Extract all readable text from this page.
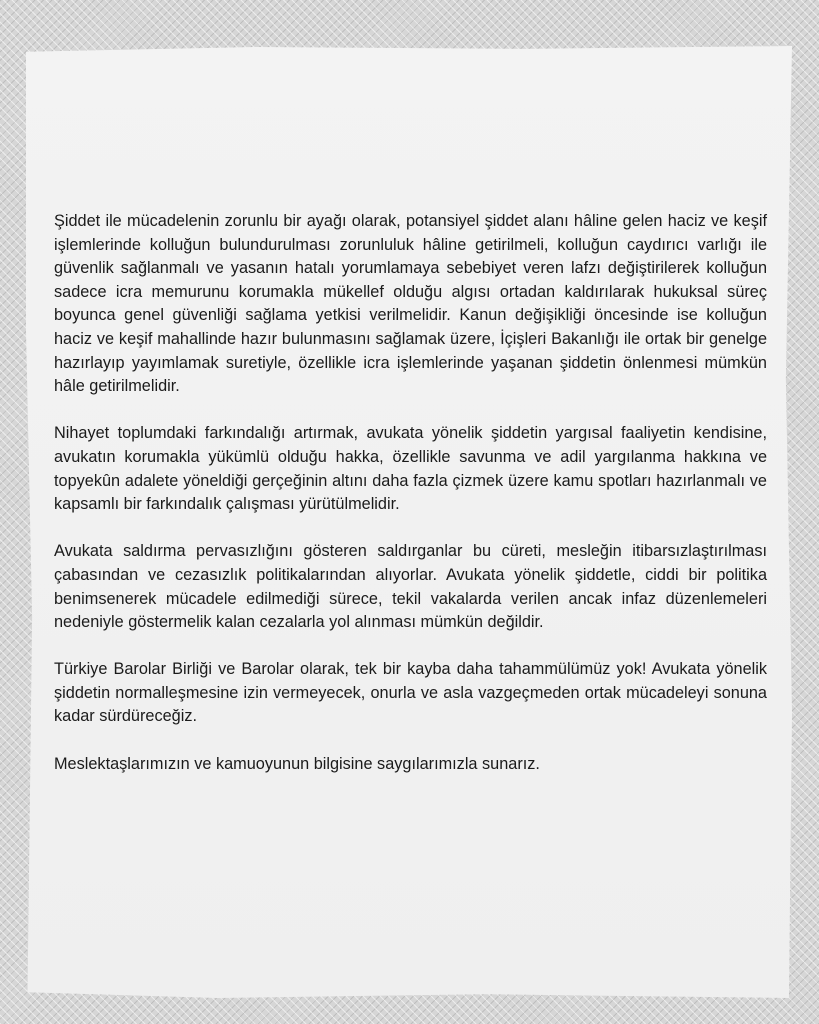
Şiddet ile mücadelenin zorunlu bir ayağı olarak, potansiyel şiddet alanı hâline gelen haciz ve keşif işlemlerinde kolluğun bulundurulması zorunluluk hâline getirilmeli, kolluğun caydırıcı varlığı ile güvenlik sağlanmalı ve yasanın hatalı yorumlamaya sebebiyet veren lafzı değiştirilerek kolluğun sadece icra memurunu korumakla mükellef olduğu algısı ortadan kaldırılarak hukuksal süreç boyunca genel güvenliği sağlama yetkisi verilmelidir. Kanun değişikliği öncesinde ise kolluğun haciz ve keşif mahallinde hazır bulunmasını sağlamak üzere, İçişleri Bakanlığı ile ortak bir genelge hazırlayıp yayımlamak suretiyle, özellikle icra işlemlerinde yaşanan şiddetin önlenmesi mümkün hâle getirilmelidir.

Nihayet toplumdaki farkındalığı artırmak, avukata yönelik şiddetin yargısal faaliyetin kendisine, avukatın korumakla yükümlü olduğu hakka, özellikle savunma ve adil yargılanma hakkına ve topyekûn adalete yöneldiği gerçeğinin altını daha fazla çizmek üzere kamu spotları hazırlanmalı ve kapsamlı bir farkındalık çalışması yürütülmelidir.

Avukata saldırma pervasızlığını gösteren saldırganlar bu cüreti, mesleğin itibarsızlaştırılması çabasından ve cezasızlık politikalarından alıyorlar. Avukata yönelik şiddetle, ciddi bir politika benimsenerek mücadele edilmediği sürece, tekil vakalarda verilen ancak infaz düzenlemeleri nedeniyle göstermelik kalan cezalarla yol alınması mümkün değildir.

Türkiye Barolar Birliği ve Barolar olarak, tek bir kayba daha tahammülümüz yok! Avukata yönelik şiddetin normalleşmesine izin vermeyecek, onurla ve asla vazgeçmeden ortak mücadeleyi sonuna kadar sürdüreceğiz.

Meslektaşlarımızın ve kamuoyunun bilgisine saygılarımızla sunarız.
